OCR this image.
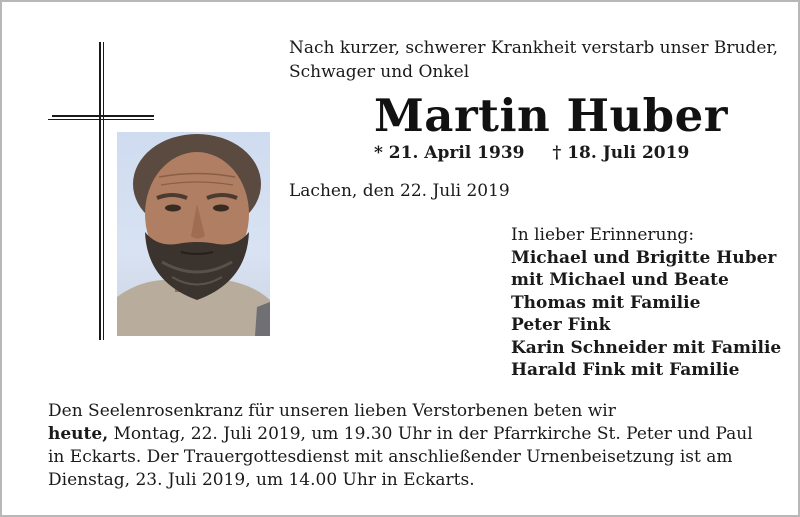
Nach kurzer, schwerer Krankheit verstarb unser Bruder,
Schwager und Onkel
Martin Huber
* 21. April 1939 † 18. Juli 2019
Lachen, den 22. Juli 2019
In lieber Erinnerung:
Michael und Brigitte Huber
mit Michael und Beate
Thomas mit Familie
Peter Fink
Karin Schneider mit Familie
Harald Fink mit Familie
Den Seelenrosenkranz für unseren lieben Verstorbenen beten wir
heute, Montag, 22. Juli 2019, um 19.30 Uhr in der Pfarrkirche St. Peter und Paul
in Eckarts. Der Trauergottesdienst mit anschließender Urnenbeisetzung ist am
Dienstag, 23. Juli 2019, um 14.00 Uhr in Eckarts.
